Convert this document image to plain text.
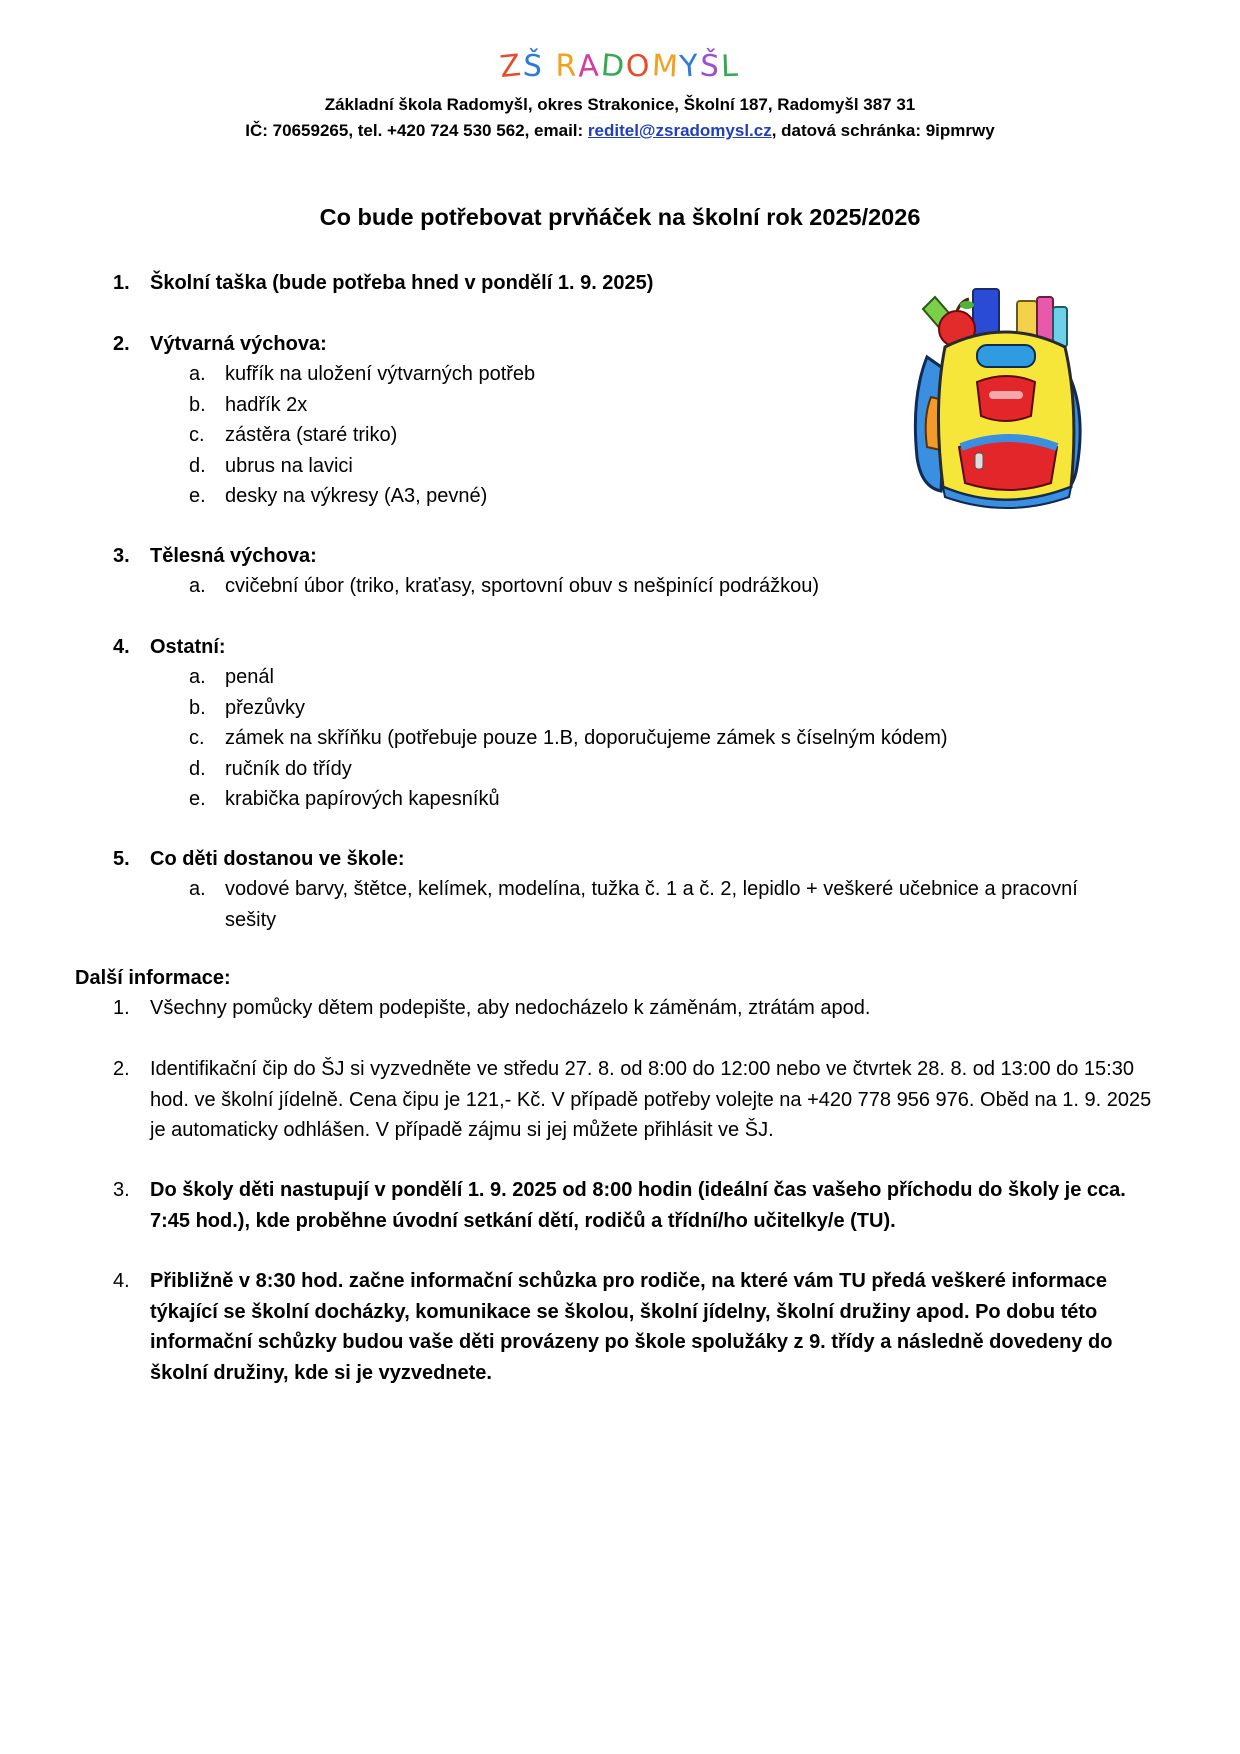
ZŠ RADOMYŠL
Základní škola Radomyšl, okres Strakonice, Školní 187, Radomyšl 387 31
IČ: 70659265, tel. +420 724 530 562, email: reditel@zsradomysl.cz, datová schránka: 9ipmrwy
Co bude potřebovat prvňáček na školní rok 2025/2026
1. Školní taška (bude potřeba hned v pondělí 1. 9. 2025)
2. Výtvarná výchova:
a. kufřík na uložení výtvarných potřeb
b. hadřík 2x
c. zástěra (staré triko)
d. ubrus na lavici
e. desky na výkresy (A3, pevné)
3. Tělesná výchova:
a. cvičební úbor (triko, kraťasy, sportovní obuv s nešpinící podrážkou)
4. Ostatní:
a. penál
b. přezůvky
c. zámek na skříňku (potřebuje pouze 1.B, doporučujeme zámek s číselným kódem)
d. ručník do třídy
e. krabička papírových kapesníků
5. Co děti dostanou ve škole:
a. vodové barvy, štětce, kelímek, modelína, tužka č. 1 a č. 2, lepidlo + veškeré učebnice a pracovní sešity
Další informace:
1. Všechny pomůcky dětem podepište, aby nedocházelo k záměnám, ztrátám apod.
2. Identifikační čip do ŠJ si vyzvedněte ve středu 27. 8. od 8:00 do 12:00 nebo ve čtvrtek 28. 8. od 13:00 do 15:30 hod. ve školní jídelně. Cena čipu je 121,- Kč. V případě potřeby volejte na +420 778 956 976. Oběd na 1. 9. 2025 je automaticky odhlášen. V případě zájmu si jej můžete přihlásit ve ŠJ.
3. Do školy děti nastupují v pondělí 1. 9. 2025 od 8:00 hodin (ideální čas vašeho příchodu do školy je cca. 7:45 hod.), kde proběhne úvodní setkání dětí, rodičů a třídní/ho učitelky/e (TU).
4. Přibližně v 8:30 hod. začne informační schůzka pro rodiče, na které vám TU předá veškeré informace týkající se školní docházky, komunikace se školou, školní jídelny, školní družiny apod. Po dobu této informační schůzky budou vaše děti provázeny po škole spolužáky z 9. třídy a následně dovedeny do školní družiny, kde si je vyzvednete.
